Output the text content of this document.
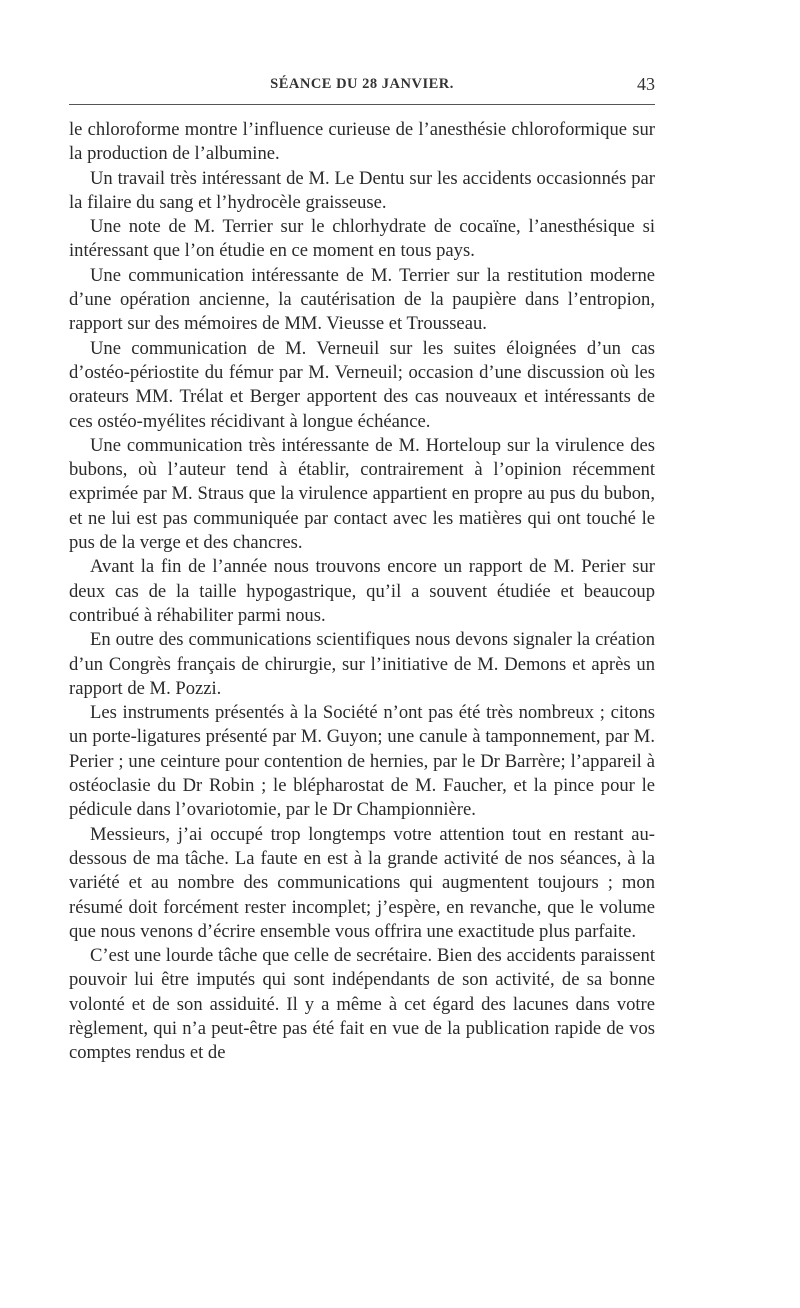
SÉANCE DU 28 JANVIER.	43

le chloroforme montre l’influence curieuse de l’anesthésie chloroformique sur la production de l’albumine.

Un travail très intéressant de M. Le Dentu sur les accidents occasionnés par la filaire du sang et l’hydrocèle graisseuse.

Une note de M. Terrier sur le chlorhydrate de cocaïne, l’anesthésique si intéressant que l’on étudie en ce moment en tous pays.

Une communication intéressante de M. Terrier sur la restitution moderne d’une opération ancienne, la cautérisation de la paupière dans l’entropion, rapport sur des mémoires de MM. Vieusse et Trousseau.

Une communication de M. Verneuil sur les suites éloignées d’un cas d’ostéo-périostite du fémur par M. Verneuil; occasion d’une discussion où les orateurs MM. Trélat et Berger apportent des cas nouveaux et intéressants de ces ostéo-myélites récidivant à longue échéance.

Une communication très intéressante de M. Horteloup sur la virulence des bubons, où l’auteur tend à établir, contrairement à l’opinion récemment exprimée par M. Straus que la virulence appartient en propre au pus du bubon, et ne lui est pas communiquée par contact avec les matières qui ont touché le pus de la verge et des chancres.

Avant la fin de l’année nous trouvons encore un rapport de M. Perier sur deux cas de la taille hypogastrique, qu’il a souvent étudiée et beaucoup contribué à réhabiliter parmi nous.

En outre des communications scientifiques nous devons signaler la création d’un Congrès français de chirurgie, sur l’initiative de M. Demons et après un rapport de M. Pozzi.

Les instruments présentés à la Société n’ont pas été très nombreux ; citons un porte-ligatures présenté par M. Guyon; une canule à tamponnement, par M. Perier ; une ceinture pour contention de hernies, par le Dr Barrère; l’appareil à ostéoclasie du Dr Robin ; le blépharostat de M. Faucher, et la pince pour le pédicule dans l’ovariotomie, par le Dr Championnière.

Messieurs, j’ai occupé trop longtemps votre attention tout en restant au-dessous de ma tâche. La faute en est à la grande activité de nos séances, à la variété et au nombre des communications qui augmentent toujours ; mon résumé doit forcément rester incomplet; j’espère, en revanche, que le volume que nous venons d’écrire ensemble vous offrira une exactitude plus parfaite.

C’est une lourde tâche que celle de secrétaire. Bien des accidents paraissent pouvoir lui être imputés qui sont indépendants de son activité, de sa bonne volonté et de son assiduité. Il y a même à cet égard des lacunes dans votre règlement, qui n’a peut-être pas été fait en vue de la publication rapide de vos comptes rendus et de
